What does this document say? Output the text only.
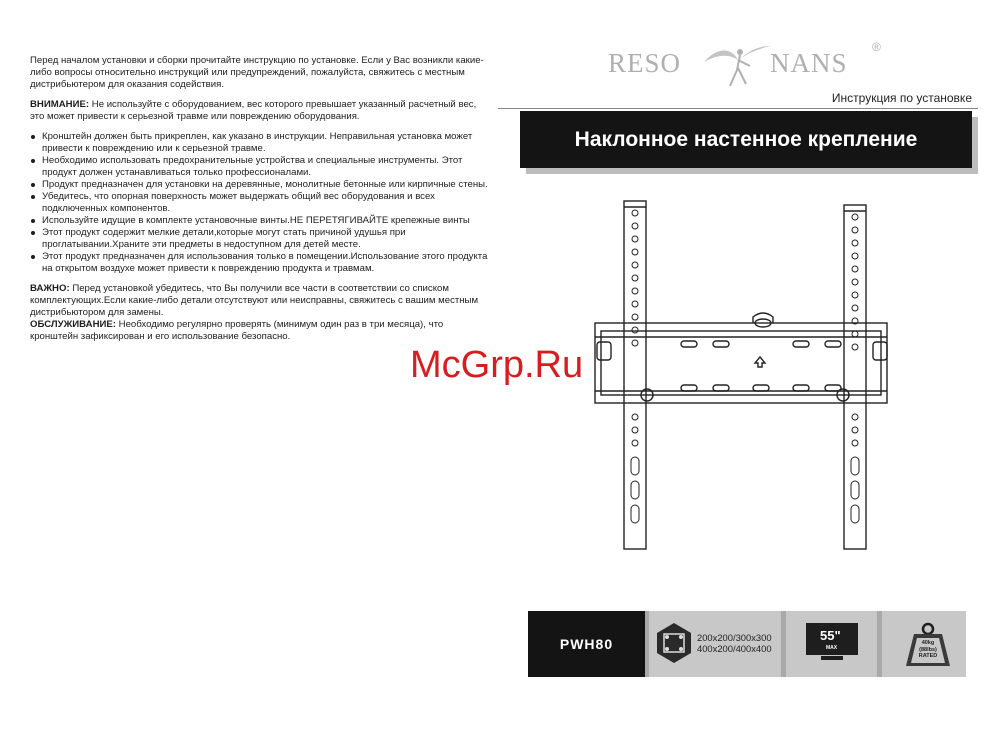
Перед началом установки и сборки прочитайте инструкцию по установке. Если у Вас возникли какие-либо вопросы относительно инструкций или предупреждений, пожалуйста, свяжитесь с местным дистрибьютером для оказания содействия.

ВНИМАНИЕ: Не используйте с оборудованием, вес которого превышает указанный расчетный вес, это может привести к серьезной травме или повреждению оборудования.

Кронштейн должен быть прикреплен, как указано в инструкции. Неправильная установка может привести к повреждению или к серьезной травме.
Необходимо использовать предохранительные устройства и специальные инструменты. Этот продукт должен устанавливаться только профессионалами.
Продукт предназначен для установки на деревянные, монолитные бетонные или кирпичные стены.
Убедитесь, что опорная поверхность может выдержать общий вес оборудования и всех подключенных компонентов.
Используйте идущие в комплекте установочные винты.НЕ ПЕРЕТЯГИВАЙТЕ крепежные винты
Этот продукт содержит мелкие детали,которые могут стать причиной удушья при проглатывании.Храните эти предметы в недоступном для детей месте.
Этот продукт предназначен для использования только в помещении.Использование этого продукта на открытом воздухе может привести к повреждению продукта и травмам.

ВАЖНО: Перед установкой убедитесь, что Вы получили все части в соответствии со списком комплектующих.Если какие-либо детали отсутствуют или неисправны, свяжитесь с вашим местным дистрибьютором для замены.
ОБСЛУЖИВАНИЕ: Необходимо регулярно проверять (минимум один раз в три месяца), что кронштейн зафиксирован и его использование безопасно.

RESO	NANS
®
Инструкция по установке
Наклонное настенное крепление
McGrp.Ru
PWH80	200x200/300x300
400x200/400x400
55"
MAX
40kg
(88lbs)
RATED
